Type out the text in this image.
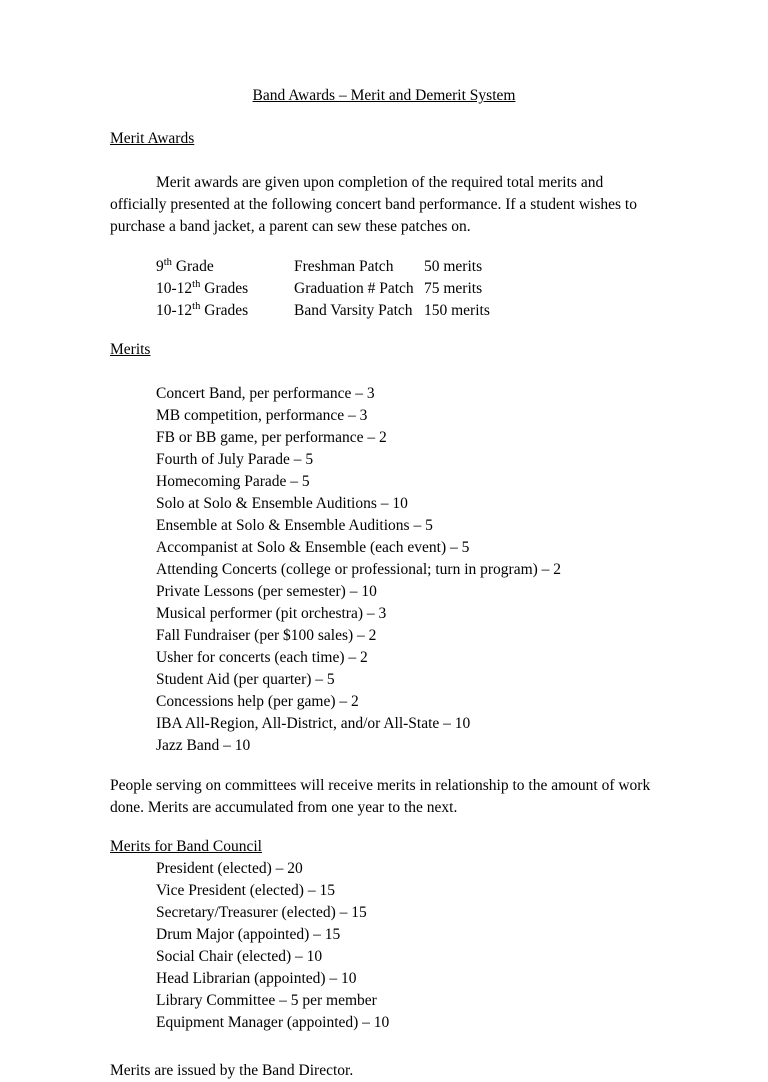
Band Awards – Merit and Demerit System
Merit Awards
Merit awards are given upon completion of the required total merits and officially presented at the following concert band performance. If a student wishes to purchase a band jacket, a parent can sew these patches on.
9th Grade	Freshman Patch	50 merits
10-12th Grades	Graduation # Patch	75 merits
10-12th Grades	Band Varsity Patch	150 merits
Merits
Concert Band, per performance – 3
MB competition, performance – 3
FB or BB game, per performance – 2
Fourth of July Parade – 5
Homecoming Parade – 5
Solo at Solo & Ensemble Auditions – 10
Ensemble at Solo & Ensemble Auditions – 5
Accompanist at Solo & Ensemble (each event) – 5
Attending Concerts (college or professional; turn in program) – 2
Private Lessons (per semester) – 10
Musical performer (pit orchestra) – 3
Fall Fundraiser (per $100 sales) – 2
Usher for concerts (each time) – 2
Student Aid (per quarter) – 5
Concessions help (per game) – 2
IBA All-Region, All-District, and/or All-State – 10
Jazz Band – 10
People serving on committees will receive merits in relationship to the amount of work done. Merits are accumulated from one year to the next.
Merits for Band Council
President (elected) – 20
Vice President (elected) – 15
Secretary/Treasurer (elected) – 15
Drum Major (appointed) – 15
Social Chair (elected) – 10
Head Librarian (appointed) – 10
Library Committee – 5 per member
Equipment Manager (appointed) – 10
Merits are issued by the Band Director.
